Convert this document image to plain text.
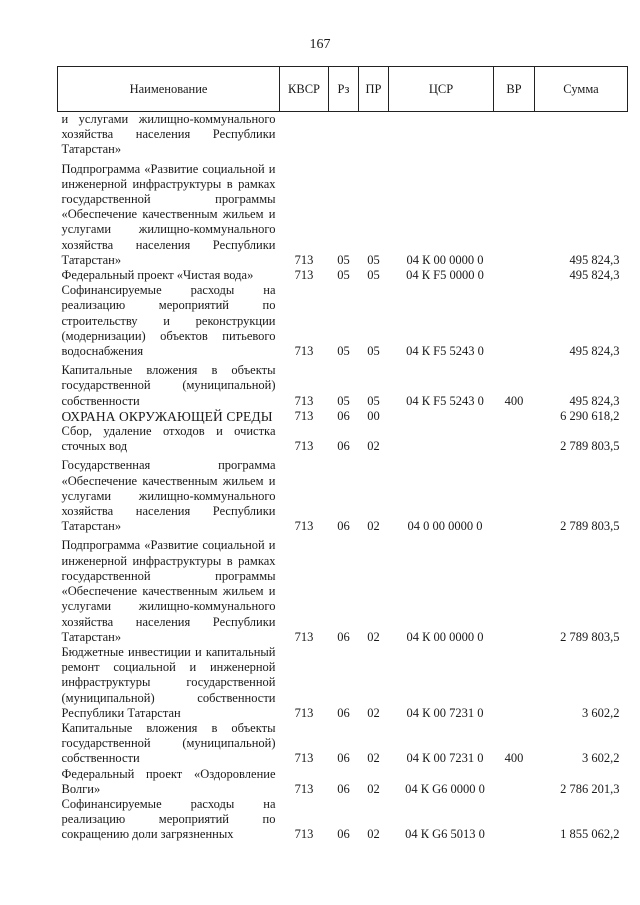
167
Наименование	КВСР	Рз	ПР	ЦСР	ВР	Сумма
и услугами жилищно-коммунального хозяйства населения Республики Татарстан»						
Подпрограмма «Развитие социальной и инженерной инфраструктуры в рамках государственной программы «Обеспечение качественным жильем и услугами жилищно-коммунального хозяйства населения Республики Татарстан»	713	05	05	04 К 00 0000 0		495 824,3
Федеральный проект «Чистая вода»	713	05	05	04 К F5 0000 0		495 824,3
Софинансируемые расходы на реализацию мероприятий по строительству и реконструкции (модернизации) объектов питьевого водоснабжения	713	05	05	04 К F5 5243 0		495 824,3
Капитальные вложения в объекты государственной (муниципальной) собственности	713	05	05	04 К F5 5243 0	400	495 824,3
ОХРАНА ОКРУЖАЮЩЕЙ СРЕДЫ	713	06	00			6 290 618,2
Сбор, удаление отходов и очистка сточных вод	713	06	02			2 789 803,5
Государственная программа «Обеспечение качественным жильем и услугами жилищно-коммунального хозяйства населения Республики Татарстан»	713	06	02	04 0 00 0000 0		2 789 803,5
Подпрограмма «Развитие социальной и инженерной инфраструктуры в рамках государственной программы «Обеспечение качественным жильем и услугами жилищно-коммунального хозяйства населения Республики Татарстан»	713	06	02	04 К 00 0000 0		2 789 803,5
Бюджетные инвестиции и капитальный ремонт социальной и инженерной инфраструктуры государственной (муниципальной) собственности Республики Татарстан	713	06	02	04 К 00 7231 0		3 602,2
Капитальные вложения в объекты государственной (муниципальной) собственности	713	06	02	04 К 00 7231 0	400	3 602,2
Федеральный проект «Оздоровление Волги»	713	06	02	04 К G6 0000 0		2 786 201,3
Софинансируемые расходы на реализацию мероприятий по сокращению доли загрязненных	713	06	02	04 К G6 5013 0		1 855 062,2
